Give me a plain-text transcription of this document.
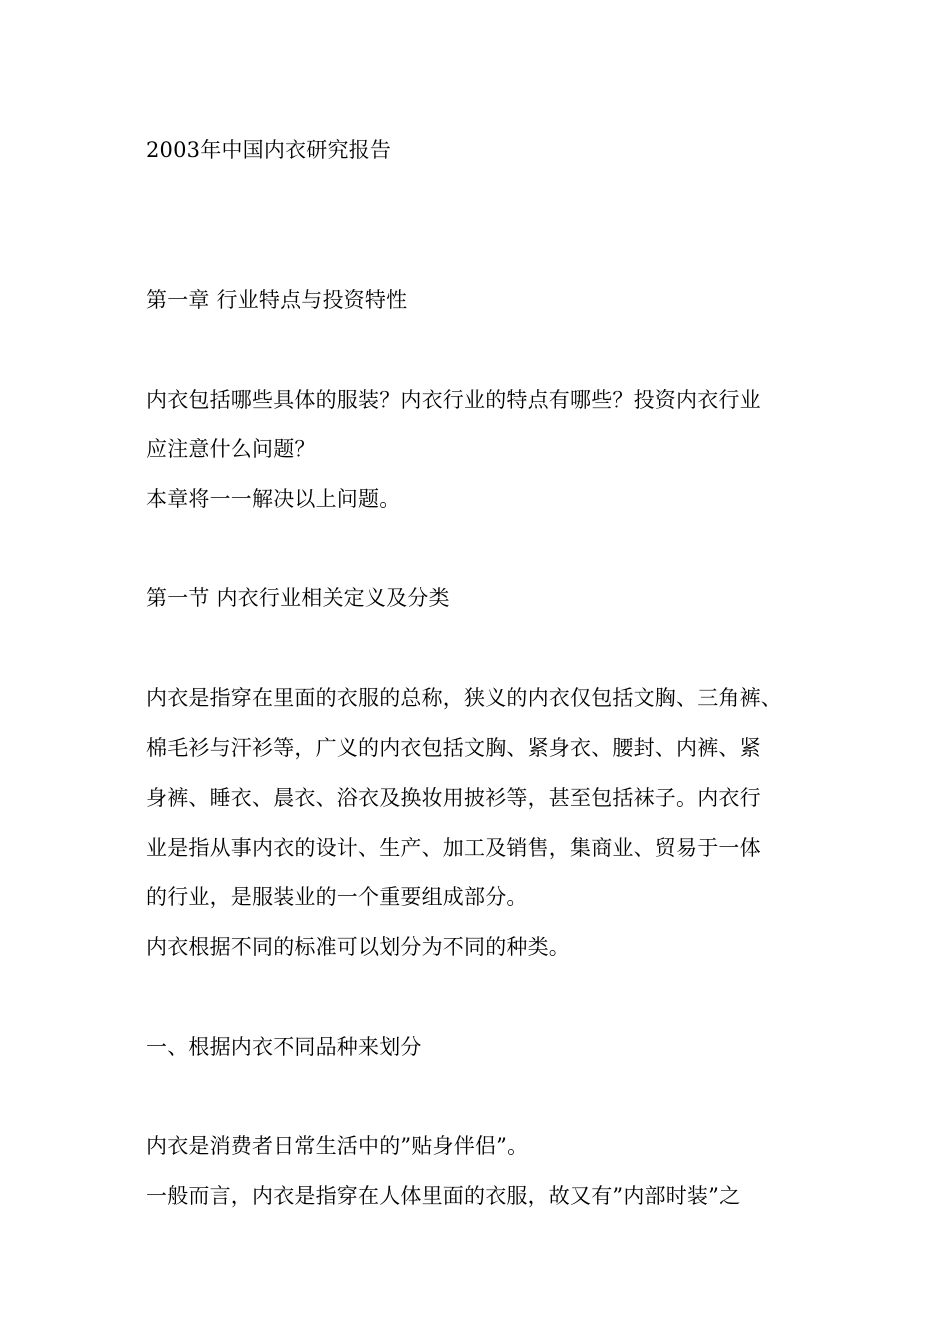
2003年中国内衣研究报告
第一章 行业特点与投资特性
内衣包括哪些具体的服装？内衣行业的特点有哪些？投资内衣行业
应注意什么问题？
本章将一一解决以上问题。
第一节 内衣行业相关定义及分类
内衣是指穿在里面的衣服的总称，狭义的内衣仅包括文胸、三角裤、
棉毛衫与汗衫等，广义的内衣包括文胸、紧身衣、腰封、内裤、紧
身裤、睡衣、晨衣、浴衣及换妆用披衫等，甚至包括袜子。内衣行
业是指从事内衣的设计、生产、加工及销售，集商业、贸易于一体
的行业，是服装业的一个重要组成部分。
内衣根据不同的标准可以划分为不同的种类。
一、根据内衣不同品种来划分
内衣是消费者日常生活中的”贴身伴侣”。
一般而言，内衣是指穿在人体里面的衣服，故又有”内部时装”之
